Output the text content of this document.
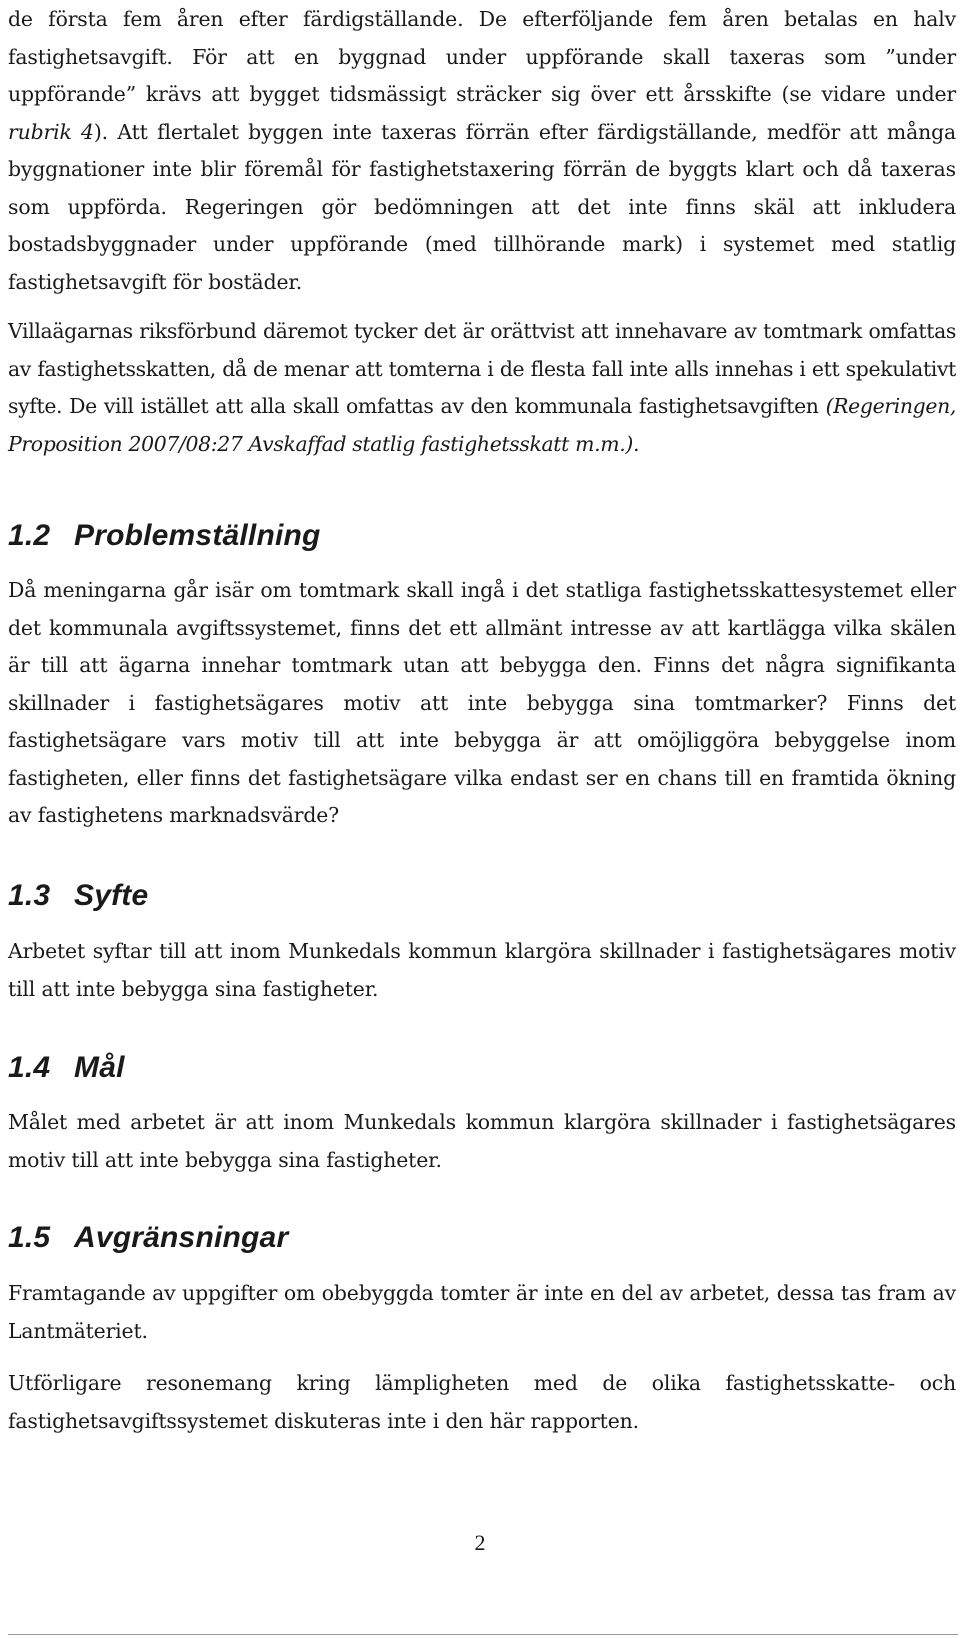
de första fem åren efter färdigställande. De efterföljande fem åren betalas en halv fastighetsavgift. För att en byggnad under uppförande skall taxeras som ”under uppförande” krävs att bygget tidsmässigt sträcker sig över ett årsskifte (se vidare under rubrik 4). Att flertalet byggen inte taxeras förrän efter färdigställande, medför att många byggnationer inte blir föremål för fastighetstaxering förrän de byggts klart och då taxeras som uppförda. Regeringen gör bedömningen att det inte finns skäl att inkludera bostadsbyggnader under uppförande (med tillhörande mark) i systemet med statlig fastighetsavgift för bostäder.

Villaägarnas riksförbund däremot tycker det är orättvist att innehavare av tomtmark omfattas av fastighetsskatten, då de menar att tomterna i de flesta fall inte alls innehas i ett spekulativt syfte. De vill istället att alla skall omfattas av den kommunala fastighetsavgiften (Regeringen, Proposition 2007/08:27 Avskaffad statlig fastighetsskatt m.m.).

1.2 Problemställning

Då meningarna går isär om tomtmark skall ingå i det statliga fastighetsskattesystemet eller det kommunala avgiftssystemet, finns det ett allmänt intresse av att kartlägga vilka skälen är till att ägarna innehar tomtmark utan att bebygga den. Finns det några signifikanta skillnader i fastighetsägares motiv att inte bebygga sina tomtmarker? Finns det fastighetsägare vars motiv till att inte bebygga är att omöjliggöra bebyggelse inom fastigheten, eller finns det fastighetsägare vilka endast ser en chans till en framtida ökning av fastighetens marknadsvärde?

1.3 Syfte

Arbetet syftar till att inom Munkedals kommun klargöra skillnader i fastighetsägares motiv till att inte bebygga sina fastigheter.

1.4 Mål

Målet med arbetet är att inom Munkedals kommun klargöra skillnader i fastighetsägares motiv till att inte bebygga sina fastigheter.

1.5 Avgränsningar

Framtagande av uppgifter om obebyggda tomter är inte en del av arbetet, dessa tas fram av Lantmäteriet.

Utförligare resonemang kring lämpligheten med de olika fastighetsskatte- och fastighetsavgiftssystemet diskuteras inte i den här rapporten.

2
